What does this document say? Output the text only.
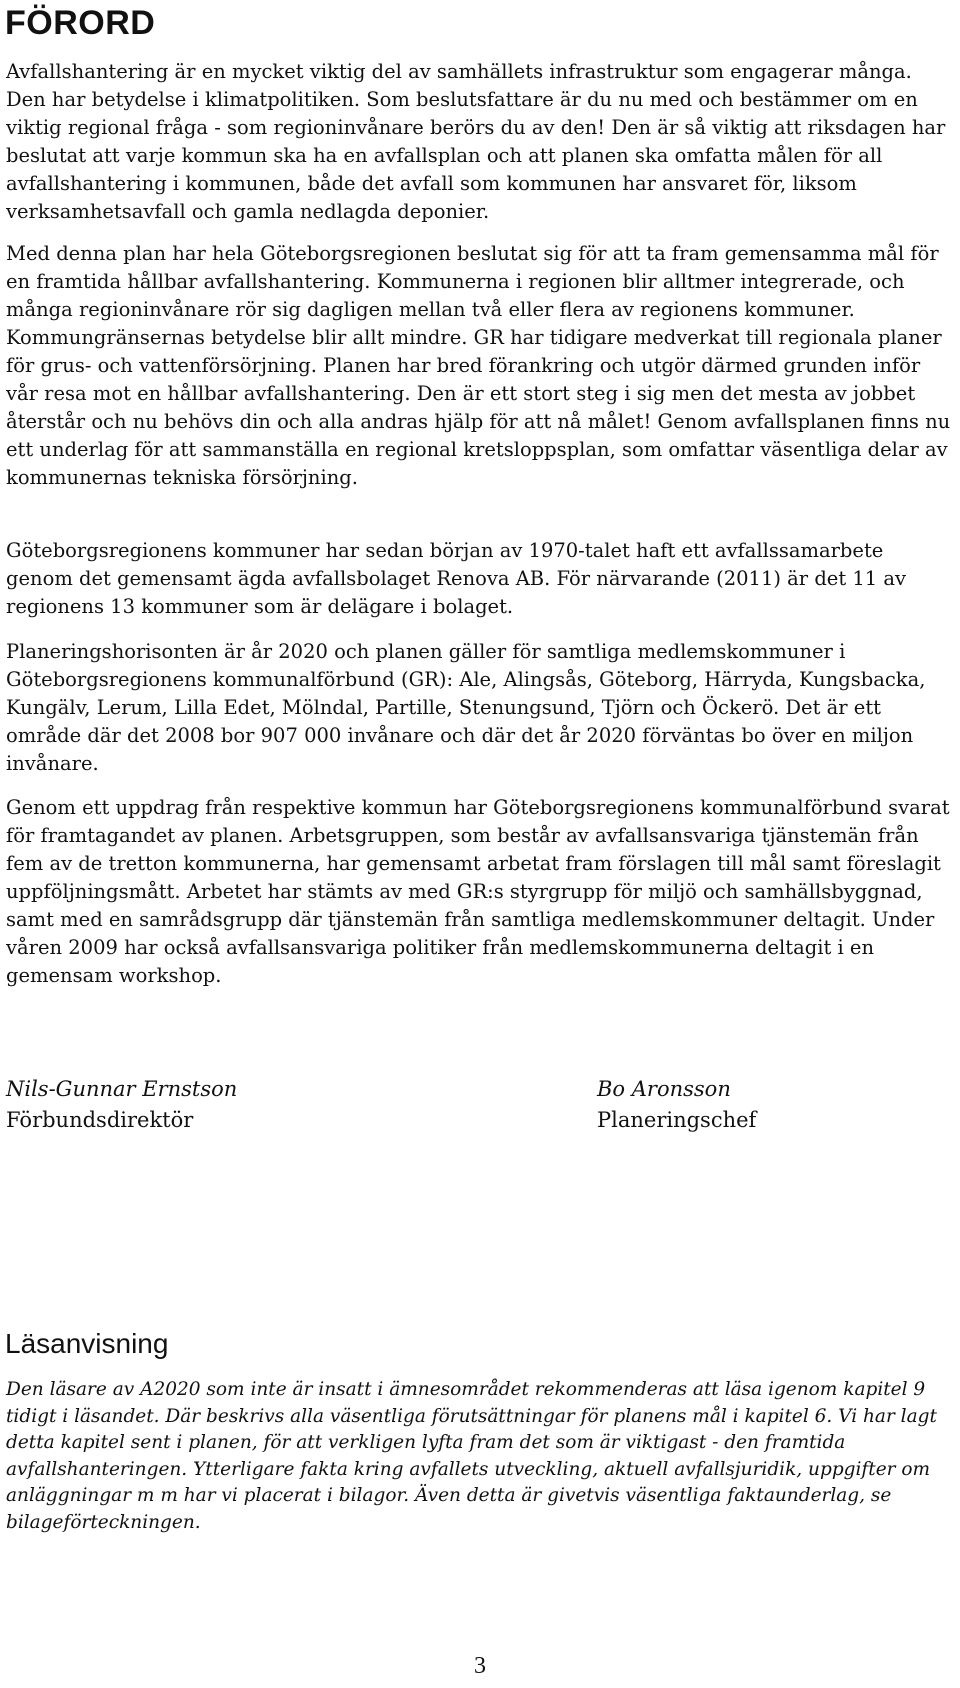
FÖRORD

Avfallshantering är en mycket viktig del av samhällets infrastruktur som engagerar många. Den har betydelse i klimatpolitiken. Som beslutsfattare är du nu med och bestämmer om en viktig regional fråga - som regioninvånare berörs du av den! Den är så viktig att riksdagen har beslutat att varje kommun ska ha en avfallsplan och att planen ska omfatta målen för all avfallshantering i kommunen, både det avfall som kommunen har ansvaret för, liksom verksamhetsavfall och gamla nedlagda deponier.

Med denna plan har hela Göteborgsregionen beslutat sig för att ta fram gemensamma mål för en framtida hållbar avfallshantering. Kommunerna i regionen blir alltmer integrerade, och många regioninvånare rör sig dagligen mellan två eller flera av regionens kommuner. Kommungränsernas betydelse blir allt mindre. GR har tidigare medverkat till regionala planer för grus- och vattenförsörjning. Planen har bred förankring och utgör därmed grunden inför vår resa mot en hållbar avfallshantering. Den är ett stort steg i sig men det mesta av jobbet återstår och nu behövs din och alla andras hjälp för att nå målet! Genom avfallsplanen finns nu ett underlag för att sammanställa en regional kretsloppsplan, som omfattar väsentliga delar av kommunernas tekniska försörjning.

Göteborgsregionens kommuner har sedan början av 1970-talet haft ett avfallssamarbete genom det gemensamt ägda avfallsbolaget Renova AB. För närvarande (2011) är det 11 av regionens 13 kommuner som är delägare i bolaget.

Planeringshorisonten är år 2020 och planen gäller för samtliga medlemskommuner i Göteborgsregionens kommunalförbund (GR): Ale, Alingsås, Göteborg, Härryda, Kungsbacka, Kungälv, Lerum, Lilla Edet, Mölndal, Partille, Stenungsund, Tjörn och Öckerö. Det är ett område där det 2008 bor 907 000 invånare och där det år 2020 förväntas bo över en miljon invånare.

Genom ett uppdrag från respektive kommun har Göteborgsregionens kommunalförbund svarat för framtagandet av planen. Arbetsgruppen, som består av avfallsansvariga tjänstemän från fem av de tretton kommunerna, har gemensamt arbetat fram förslagen till mål samt föreslagit uppföljningsmått. Arbetet har stämts av med GR:s styrgrupp för miljö och samhällsbyggnad, samt med en samrådsgrupp där tjänstemän från samtliga medlemskommuner deltagit. Under våren 2009 har också avfallsansvariga politiker från medlemskommunerna deltagit i en gemensam workshop.

Nils-Gunnar Ernstson
Förbundsdirektör
Bo Aronsson
Planeringschef
Läsanvisning

Den läsare av A2020 som inte är insatt i ämnesområdet rekommenderas att läsa igenom kapitel 9 tidigt i läsandet. Där beskrivs alla väsentliga förutsättningar för planens mål i kapitel 6. Vi har lagt detta kapitel sent i planen, för att verkligen lyfta fram det som är viktigast - den framtida avfallshanteringen. Ytterligare fakta kring avfallets utveckling, aktuell avfallsjuridik, uppgifter om anläggningar m m har vi placerat i bilagor. Även detta är givetvis väsentliga faktaunderlag, se bilageförteckningen.

3
